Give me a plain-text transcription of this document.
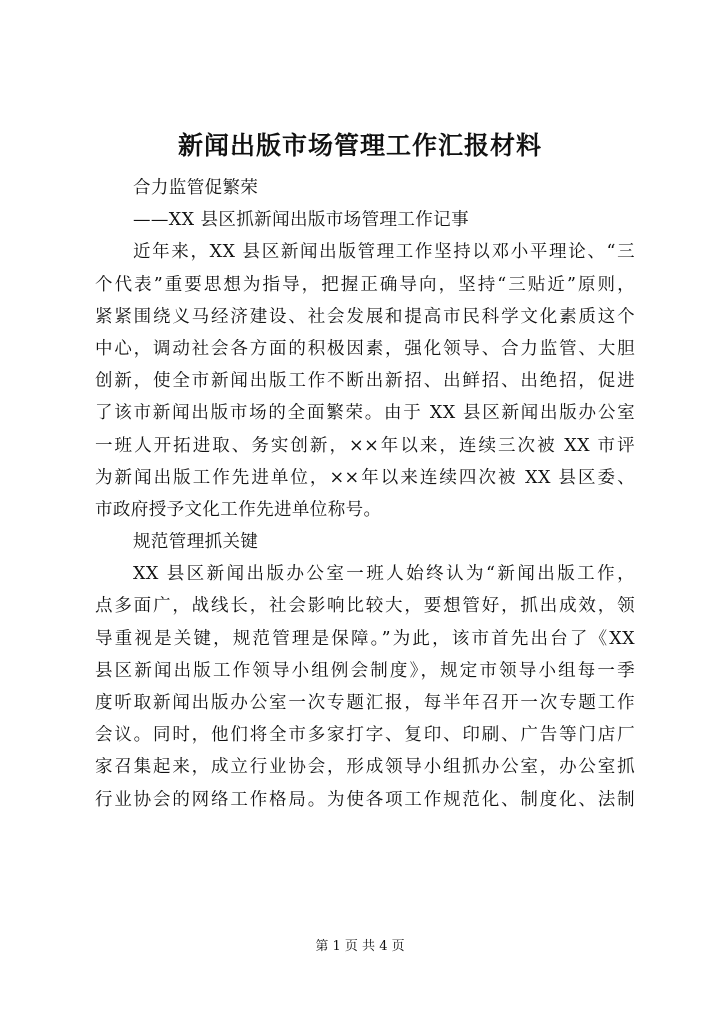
新闻出版市场管理工作汇报材料
合力监管促繁荣
——XX 县区抓新闻出版市场管理工作记事
近年来，XX 县区新闻出版管理工作坚持以邓小平理论、“三
个代表”重要思想为指导，把握正确导向，坚持“三贴近”原则，
紧紧围绕义马经济建设、社会发展和提高市民科学文化素质这个
中心，调动社会各方面的积极因素，强化领导、合力监管、大胆
创新，使全市新闻出版工作不断出新招、出鲜招、出绝招，促进
了该市新闻出版市场的全面繁荣。由于 XX 县区新闻出版办公室
一班人开拓进取、务实创新，××年以来，连续三次被 XX 市评
为新闻出版工作先进单位，××年以来连续四次被 XX 县区委、
市政府授予文化工作先进单位称号。
规范管理抓关键
XX 县区新闻出版办公室一班人始终认为“新闻出版工作，
点多面广，战线长，社会影响比较大，要想管好，抓出成效，领
导重视是关键，规范管理是保障。”为此，该市首先出台了《XX
县区新闻出版工作领导小组例会制度》，规定市领导小组每一季
度听取新闻出版办公室一次专题汇报，每半年召开一次专题工作
会议。同时，他们将全市多家打字、复印、印刷、广告等门店厂
家召集起来，成立行业协会，形成领导小组抓办公室，办公室抓
行业协会的网络工作格局。为使各项工作规范化、制度化、法制
第 1 页 共 4 页
